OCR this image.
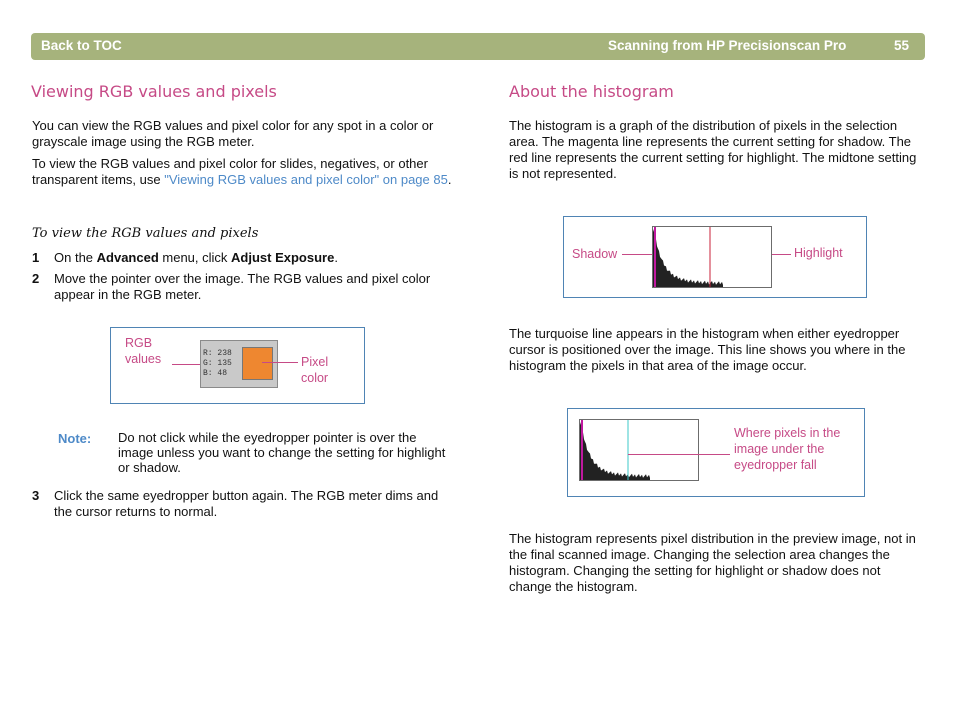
Back to TOC	Scanning from HP Precisionscan Pro	55
Viewing RGB values and pixels

You can view the RGB values and pixel color for any spot in a color or grayscale image using the RGB meter.

To view the RGB values and pixel color for slides, negatives, or other transparent items, use "Viewing RGB values and pixel color" on page 85.

To view the RGB values and pixels
1 On the Advanced menu, click Adjust Exposure.

2 Move the pointer over the image. The RGB values and pixel color appear in the RGB meter.

RGB
values	R: 238
G: 135
B: 48
Pixel
color
Note: Do not click while the eyedropper pointer is over the image unless you want to change the setting for highlight or shadow.

3 Click the same eyedropper button again. The RGB meter dims and the cursor returns to normal.

About the histogram

The histogram is a graph of the distribution of pixels in the selection area. The magenta line represents the current setting for shadow. The red line represents the current setting for highlight. The midtone setting is not represented.

Shadow	Highlight

The turquoise line appears in the histogram when either eyedropper cursor is positioned over the image. This line shows you where in the histogram the pixels in that area of the image occur.

Where pixels in the
image under the
eyedropper fall

The histogram represents pixel distribution in the preview image, not in the final scanned image. Changing the selection area changes the histogram. Changing the setting for highlight or shadow does not change the histogram.
